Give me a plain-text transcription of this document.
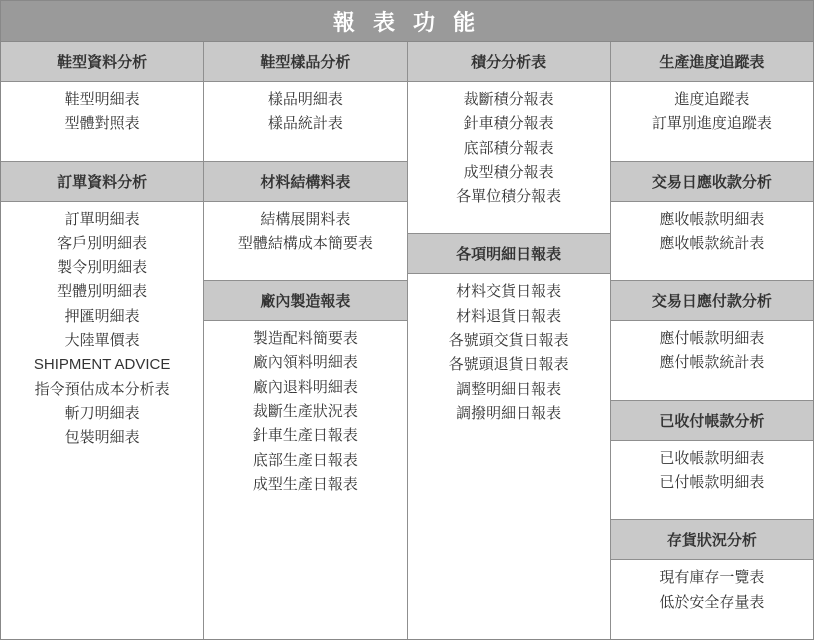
報 表 功 能
鞋型資料分析
鞋型明細表
型體對照表
訂單資料分析
訂單明細表
客戶別明細表
製令別明細表
型體別明細表
押匯明細表
大陸單價表
SHIPMENT ADVICE
指令預估成本分析表
斬刀明細表
包裝明細表
鞋型樣品分析
樣品明細表
樣品統計表
材料結構料表
結構展開料表
型體結構成本簡要表
廠內製造報表
製造配料簡要表
廠內領料明細表
廠內退料明細表
裁斷生產狀況表
針車生產日報表
底部生產日報表
成型生產日報表
積分分析表
裁斷積分報表
針車積分報表
底部積分報表
成型積分報表
各單位積分報表
各項明細日報表
材料交貨日報表
材料退貨日報表
各號頭交貨日報表
各號頭退貨日報表
調整明細日報表
調撥明細日報表
生產進度追蹤表
進度追蹤表
訂單別進度追蹤表
交易日應收款分析
應收帳款明細表
應收帳款統計表
交易日應付款分析
應付帳款明細表
應付帳款統計表
已收付帳款分析
已收帳款明細表
已付帳款明細表
存貨狀況分析
現有庫存一覽表
低於安全存量表
